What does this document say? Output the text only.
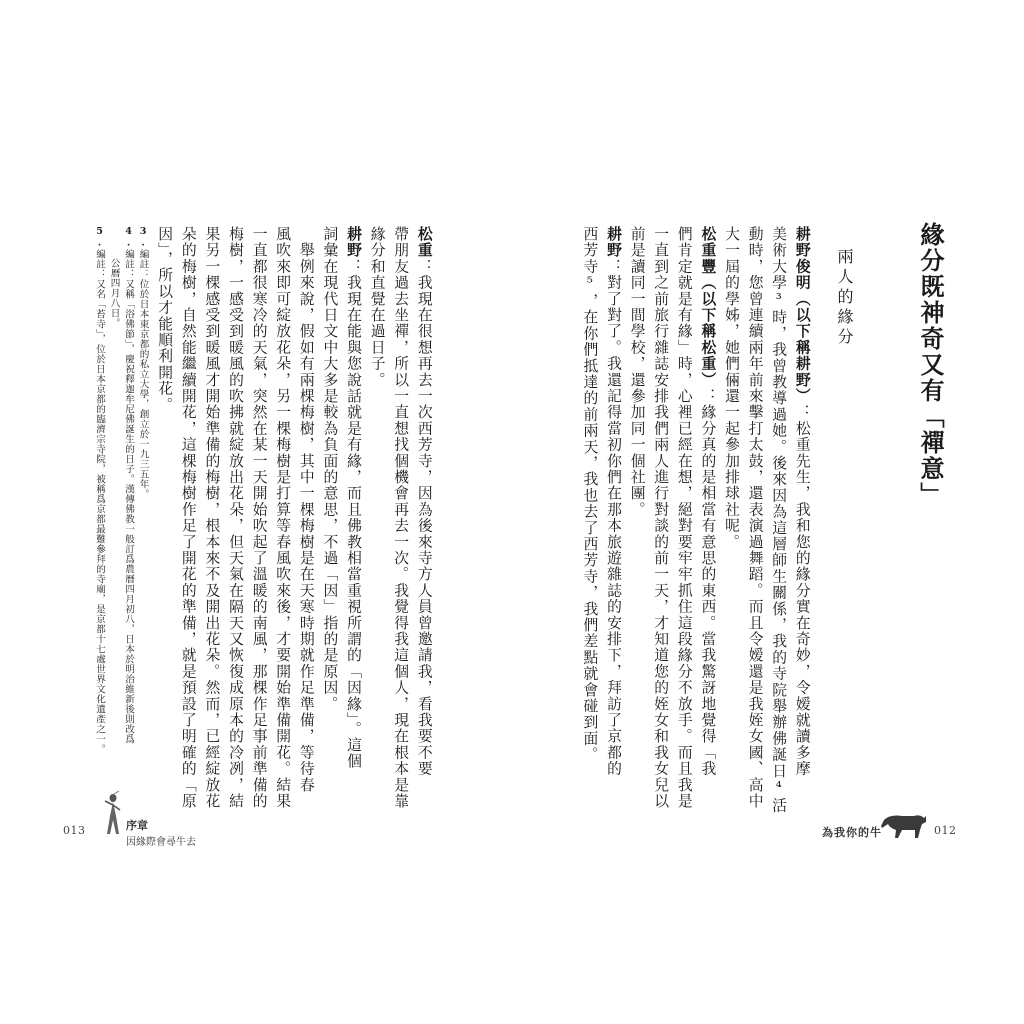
緣分既神奇又有「禪意」
兩人的緣分
耕野俊明（以下稱耕野）：松重先生，我和您的緣分實在奇妙，令嫒就讀多摩
美術大學³時，我曾教導過她。後來因為這層師生關係，我的寺院舉辦佛誕日⁴活
動時，您曾連續兩年前來擊打太鼓，還表演過舞蹈。而且令嫒還是我姪女國、高中
大一屆的學姊，她們倆還一起參加排球社呢。
松重豐（以下稱松重）：緣分真的是相當有意思的東西。當我驚訝地覺得「我
們肯定就是有緣」時，心裡已經在想，絕對要牢牢抓住這段緣分不放手。而且我是
一直到之前旅行雜誌安排我們兩人進行對談的前一天，才知道您的姪女和我女兒以
前是讀同一間學校，還參加同一個社團。
耕野：對了對了。我還記得當初你們在那本旅遊雜誌的安排下，拜訪了京都的
西芳寺⁵，在你們抵達的前兩天，我也去了西芳寺，我們差點就會碰到面。
松重：我現在很想再去一次西芳寺，因為後來寺方人員曾邀請我，看我要不要
帶朋友過去坐禪，所以一直想找個機會再去一次。我覺得我這個人，現在根本是靠
緣分和直覺在過日子。
耕野：我現在能與您說話就是有緣，而且佛教相當重視所謂的「因緣」。這個
詞彙在現代日文中大多是較為負面的意思，不過「因」指的是原因。
　舉例來說，假如有兩棵梅樹，其中一棵梅樹是在天寒時期就作足準備，等待春
風吹來即可綻放花朵，另一棵梅樹是打算等春風吹來後，才要開始準備開花。結果
一直都很寒冷的天氣，突然在某一天開始吹起了溫暖的南風，那棵作足事前準備的
梅樹，一感受到暖風的吹拂就綻放出花朵，但天氣在隔天又恢復成原本的冷冽，結
果另一棵感受到暖風才開始準備的梅樹，根本來不及開出花朵。然而，已經綻放花
朵的梅樹，自然能繼續開花，這棵梅樹作足了開花的準備，就是預設了明確的「原
因」，所以才能順利開花。
3.編註：位於日本東京都的私立大學，創立於一九三五年。
4.編註：又稱「浴佛節」，慶祝釋迦牟尼佛誕生的日子。漢傳佛教一般訂爲農曆四月初八，日本於明治維新後則改爲
公曆四月八日。
5.編註：又名「苔寺」，位於日本京都的臨濟宗寺院，被稱爲京都最難參拜的寺廟，是京都十七處世界文化遺產之一。
013	序章
因緣際會尋牛去
為我你的牛	012
